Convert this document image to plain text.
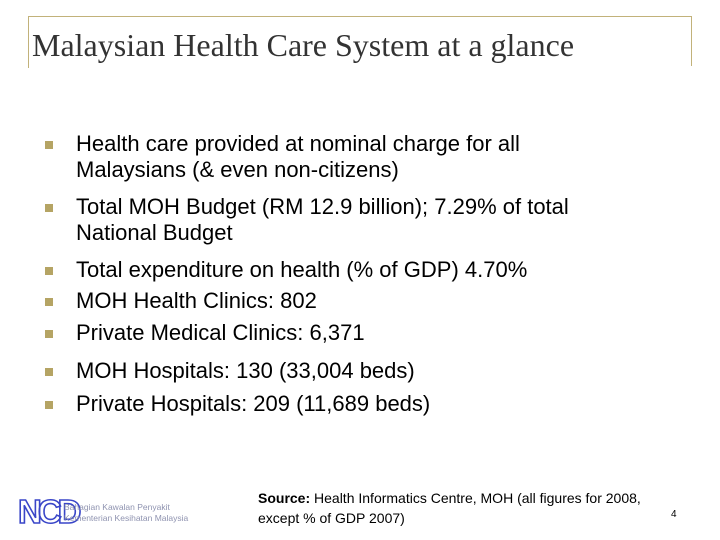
Malaysian Health Care System at a glance
Health care provided at nominal charge for all
Malaysians (& even non-citizens)
Total MOH Budget (RM 12.9 billion); 7.29% of total
National Budget
Total expenditure on health (% of GDP) 4.70%
MOH Health Clinics: 802
Private Medical Clinics: 6,371
MOH Hospitals: 130 (33,004 beds)
Private Hospitals: 209 (11,689 beds)
NCD
Bahagian Kawalan Penyakit
Kementerian Kesihatan Malaysia
Source: Health Informatics Centre, MOH (all figures for 2008, except % of GDP 2007)	4
